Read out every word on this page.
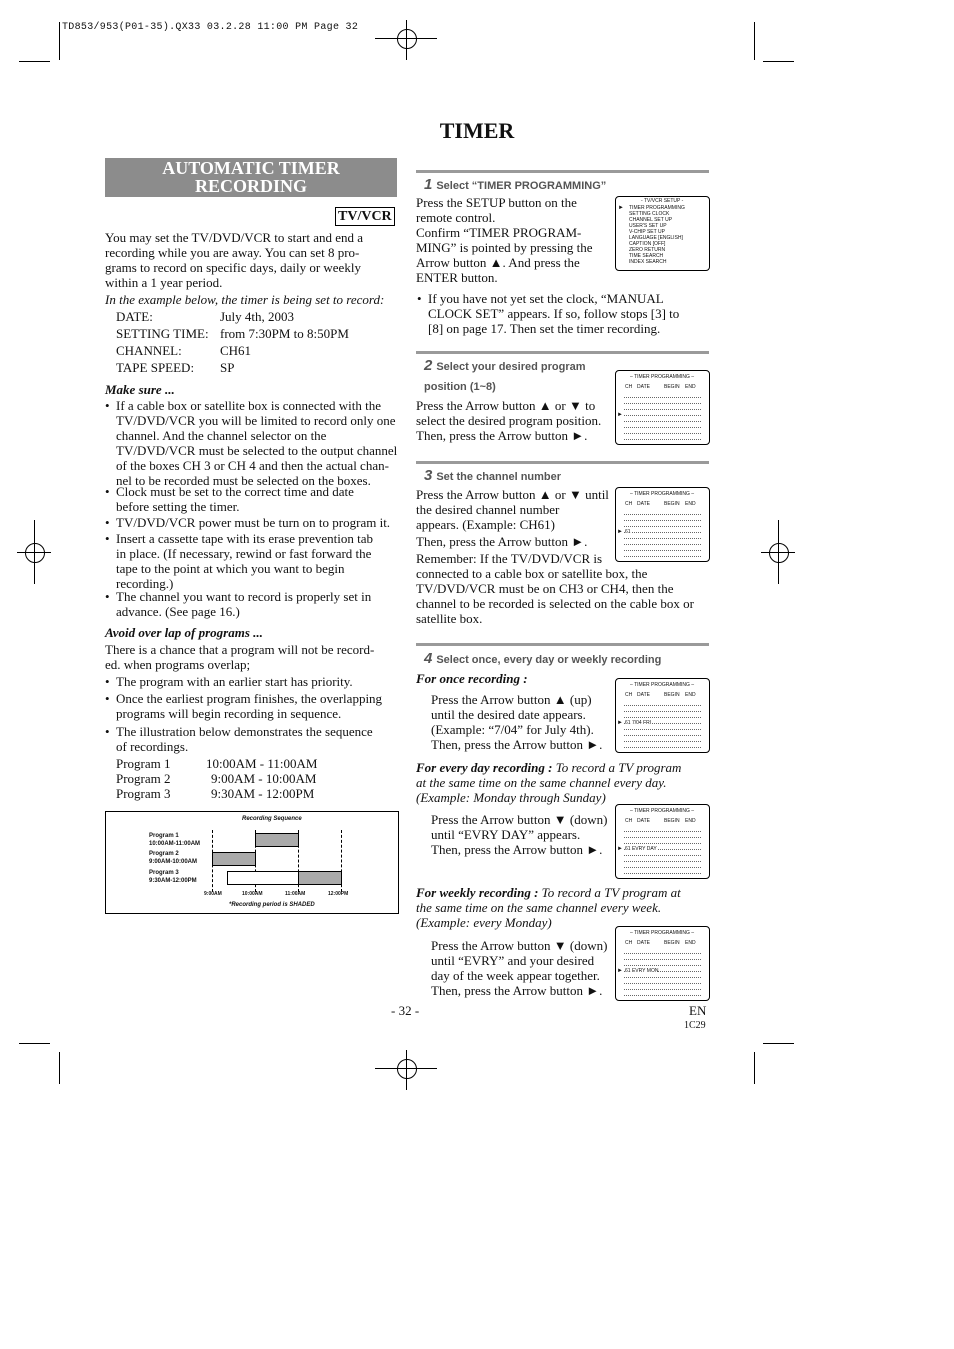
TD853/953(P01-35).QX33 03.2.28 11:00 PM Page 32
TIMER
AUTOMATIC TIMER
RECORDING
TV/VCR
You may set the TV/DVD/VCR to start and end a
recording while you are away. You can set 8 pro-
grams to record on specific days, daily or weekly
within a 1 year period.
In the example below, the timer is being set to record:
DATE:	July 4th, 2003
SETTING TIME: from 7:30PM to 8:50PM
CHANNEL:	CH61
TAPE SPEED: SP
Make sure ...
• If a cable box or satellite box is connected with the
TV/DVD/VCR you will be limited to record only one
channel. And the channel selector on the
TV/DVD/VCR must be selected to the output channel
of the boxes CH 3 or CH 4 and then the actual chan-
nel to be recorded must be selected on the boxes.
• Clock must be set to the correct time and date
before setting the timer.
• TV/DVD/VCR power must be turn on to program it.
• Insert a cassette tape with its erase prevention tab
in place. (If necessary, rewind or fast forward the
tape to the point at which you want to begin
recording.)
• The channel you want to record is properly set in
advance. (See page 16.)
Avoid over lap of programs ...
There is a chance that a program will not be record-
ed. when programs overlap;
• The program with an earlier start has priority.
• Once the earliest program finishes, the overlapping
programs will begin recording in sequence.
• The illustration below demonstrates the sequence
of recordings.
Program 1	10:00AM - 11:00AM
Program 2	9:00AM - 10:00AM
Program 3	9:30AM - 12:00PM
Recording Sequence
Program 1
10:00AM-11:00AM
Program 2
9:00AM-10:00AM
Program 3
9:30AM-12:00PM
9:00AM	10:00AM	11:00AM	12:00PM
*Recording period is SHADED
1 Select “TIMER PROGRAMMING”
Press the SETUP button on the
remote control.
Confirm “TIMER PROGRAM-
MING” is pointed by pressing the
Arrow button ▲. And press the
ENTER button.
• If you have not yet set the clock, “MANUAL
CLOCK SET” appears. If so, follow stops [3] to
[8] on page 17. Then set the timer recording.
- TV/VCR SETUP -
► TIMER PROGRAMMING
SETTING CLOCK
CHANNEL SET UP
USER'S SET UP
V-CHIP SET UP
LANGUAGE [ENGLISH]
CAPTION [OFF]
ZERO RETURN
TIME SEARCH
INDEX SEARCH
2 Select your desired program
position (1~8)
Press the Arrow button ▲ or ▼ to
select the desired program position.
Then, press the Arrow button ►.
3 Set the channel number
Press the Arrow button ▲ or ▼ until
the desired channel number
appears. (Example: CH61)
Then, press the Arrow button ►.
Remember: If the TV/DVD/VCR is
connected to a cable box or satellite box, the
TV/DVD/VCR must be on CH3 or CH4, then the
channel to be recorded is selected on the cable box or
satellite box.
4 Select once, every day or weekly recording
For once recording :
Press the Arrow button ▲ (up)
until the desired date appears.
(Example: “7/04” for July 4th).
Then, press the Arrow button ►.
For every day recording : To record a TV program
at the same time on the same channel every day.
(Example: Monday through Sunday)
Press the Arrow button ▼ (down)
until “EVRY DAY” appears.
Then, press the Arrow button ►.
For weekly recording : To record a TV program at
the same time on the same channel every week.
(Example: every Monday)
Press the Arrow button ▼ (down)
until “EVRY” and your desired
day of the week appear together.
Then, press the Arrow button ►.
– TIMER PROGRAMMING –
CH DATE	BEGIN END
►
– TIMER PROGRAMMING –
CH DATE	BEGIN END
► 61
– TIMER PROGRAMMING –
CH DATE	BEGIN END
► 61 7/04 FRI
– TIMER PROGRAMMING –
CH DATE	BEGIN END
► 61 EVRY DAY
– TIMER PROGRAMMING –
CH DATE	BEGIN END
► 61 EVRY MON
- 32 -	EN
1C29
